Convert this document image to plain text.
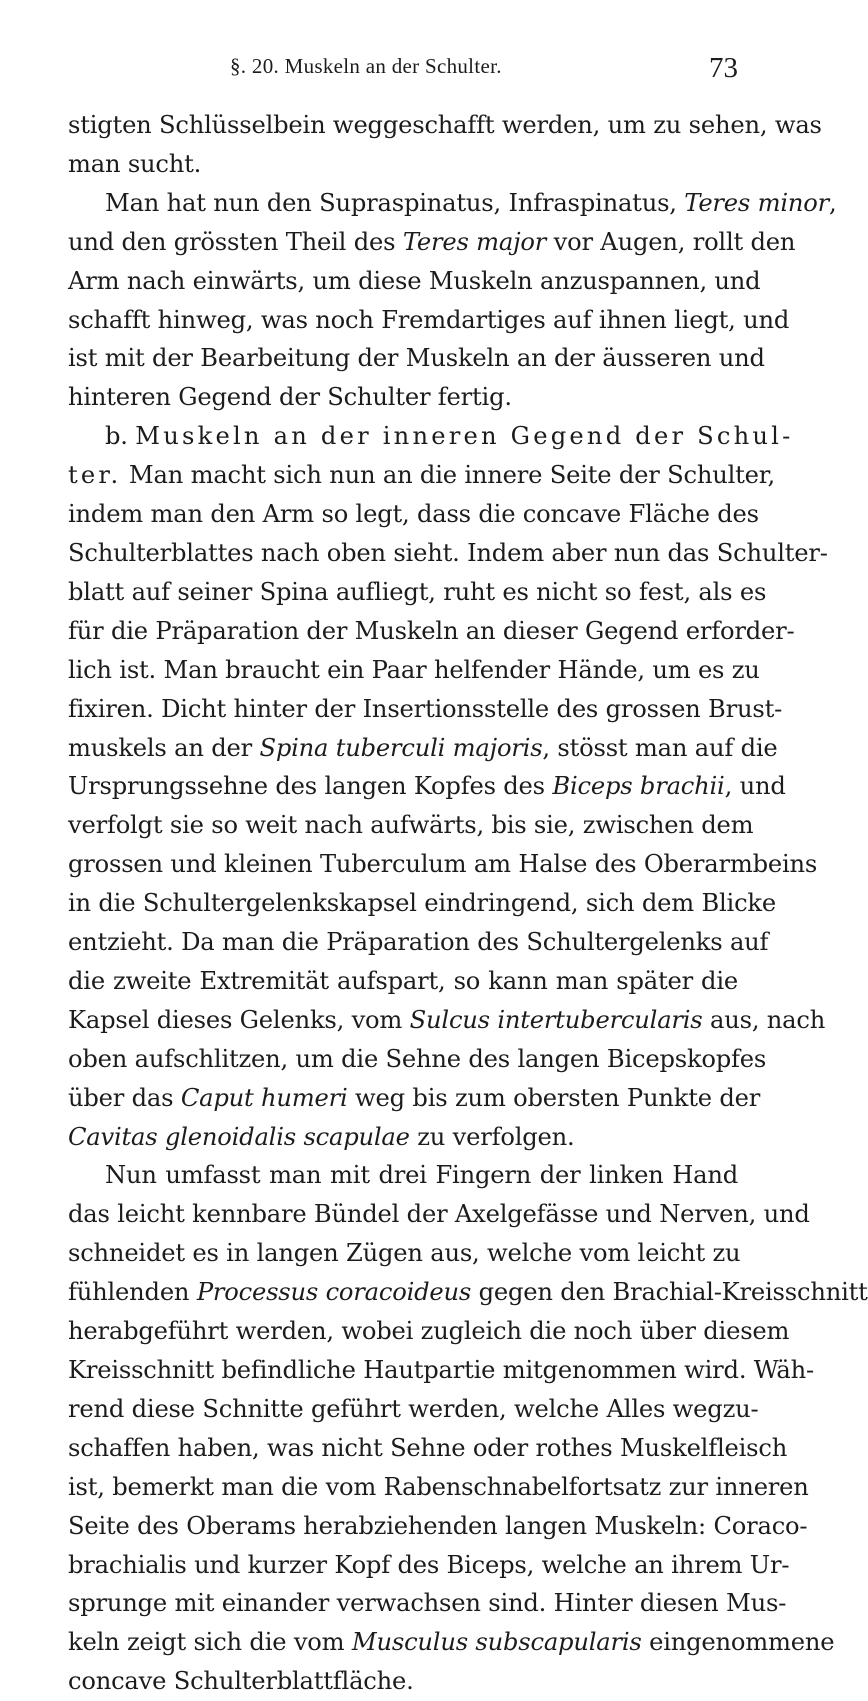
§. 20. Muskeln an der Schulter.	73
stigten Schlüsselbein weggeschafft werden, um zu sehen, was
man sucht.
Man hat nun den Supraspinatus, Infraspinatus, Teres minor,
und den grössten Theil des Teres major vor Augen, rollt den
Arm nach einwärts, um diese Muskeln anzuspannen, und
schafft hinweg, was noch Fremdartiges auf ihnen liegt, und
ist mit der Bearbeitung der Muskeln an der äusseren und
hinteren Gegend der Schulter fertig.
b. Muskeln an der inneren Gegend der Schul-
ter. Man macht sich nun an die innere Seite der Schulter,
indem man den Arm so legt, dass die concave Fläche des
Schulterblattes nach oben sieht. Indem aber nun das Schulter-
blatt auf seiner Spina aufliegt, ruht es nicht so fest, als es
für die Präparation der Muskeln an dieser Gegend erforder-
lich ist. Man braucht ein Paar helfender Hände, um es zu
fixiren. Dicht hinter der Insertionsstelle des grossen Brust-
muskels an der Spina tuberculi majoris, stösst man auf die
Ursprungssehne des langen Kopfes des Biceps brachii, und
verfolgt sie so weit nach aufwärts, bis sie, zwischen dem
grossen und kleinen Tuberculum am Halse des Oberarmbeins
in die Schultergelenkskapsel eindringend, sich dem Blicke
entzieht. Da man die Präparation des Schultergelenks auf
die zweite Extremität aufspart, so kann man später die
Kapsel dieses Gelenks, vom Sulcus intertubercularis aus, nach
oben aufschlitzen, um die Sehne des langen Bicepskopfes
über das Caput humeri weg bis zum obersten Punkte der
Cavitas glenoidalis scapulae zu verfolgen.
Nun umfasst man mit drei Fingern der linken Hand
das leicht kennbare Bündel der Axelgefässe und Nerven, und
schneidet es in langen Zügen aus, welche vom leicht zu
fühlenden Processus coracoideus gegen den Brachial-Kreisschnitt
herabgeführt werden, wobei zugleich die noch über diesem
Kreisschnitt befindliche Hautpartie mitgenommen wird. Wäh-
rend diese Schnitte geführt werden, welche Alles wegzu-
schaffen haben, was nicht Sehne oder rothes Muskelfleisch
ist, bemerkt man die vom Rabenschnabelfortsatz zur inneren
Seite des Oberams herabziehenden langen Muskeln: Coraco-
brachialis und kurzer Kopf des Biceps, welche an ihrem Ur-
sprunge mit einander verwachsen sind. Hinter diesen Mus-
keln zeigt sich die vom Musculus subscapularis eingenommene
concave Schulterblattfläche.
